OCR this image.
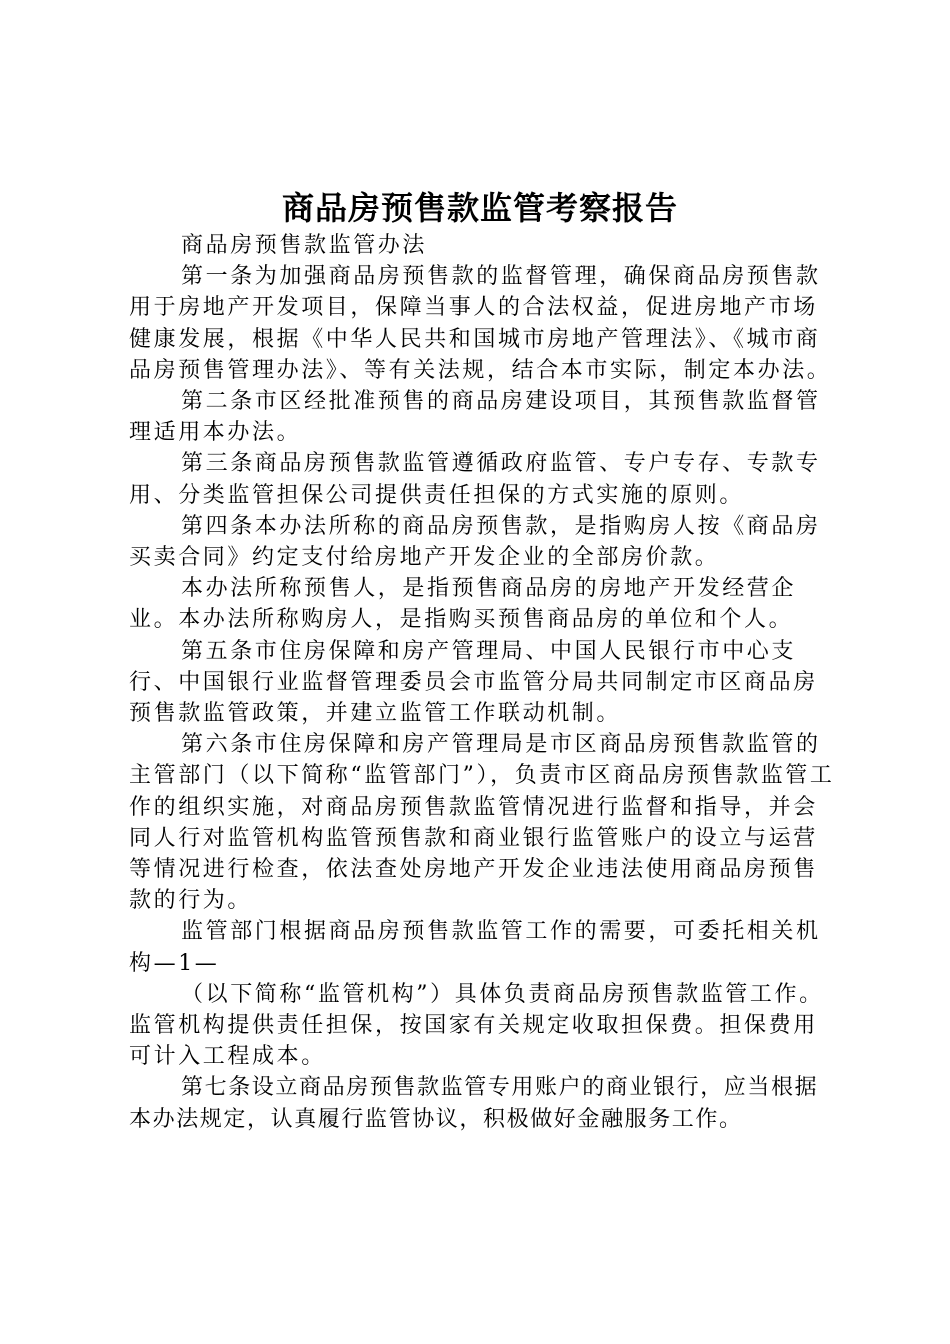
商品房预售款监管考察报告

商品房预售款监管办法

第一条为加强商品房预售款的监督管理，确保商品房预售款用于房地产开发项目，保障当事人的合法权益，促进房地产市场健康发展，根据《中华人民共和国城市房地产管理法》、《城市商品房预售管理办法》、等有关法规，结合本市实际，制定本办法。

第二条市区经批准预售的商品房建设项目，其预售款监督管理适用本办法。

第三条商品房预售款监管遵循政府监管、专户专存、专款专用、分类监管担保公司提供责任担保的方式实施的原则。

第四条本办法所称的商品房预售款，是指购房人按《商品房买卖合同》约定支付给房地产开发企业的全部房价款。

本办法所称预售人，是指预售商品房的房地产开发经营企业。本办法所称购房人，是指购买预售商品房的单位和个人。

第五条市住房保障和房产管理局、中国人民银行市中心支行、中国银行业监督管理委员会市监管分局共同制定市区商品房预售款监管政策，并建立监管工作联动机制。

第六条市住房保障和房产管理局是市区商品房预售款监管的主管部门（以下简称“监管部门”），负责市区商品房预售款监管工作的组织实施，对商品房预售款监管情况进行监督和指导，并会同人行对监管机构监管预售款和商业银行监管账户的设立与运营等情况进行检查，依法查处房地产开发企业违法使用商品房预售款的行为。

监管部门根据商品房预售款监管工作的需要，可委托相关机构—1—

（以下简称“监管机构”）具体负责商品房预售款监管工作。监管机构提供责任担保，按国家有关规定收取担保费。担保费用可计入工程成本。

第七条设立商品房预售款监管专用账户的商业银行，应当根据本办法规定，认真履行监管协议，积极做好金融服务工作。
